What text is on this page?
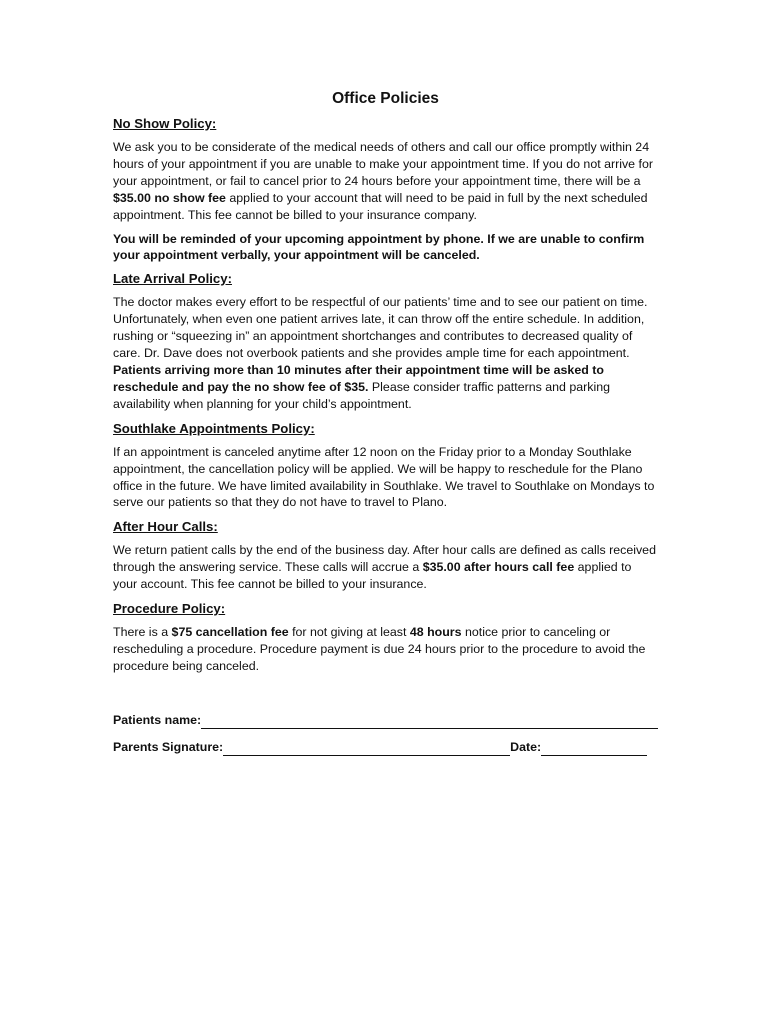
Office Policies
No Show Policy:
We ask you to be considerate of the medical needs of others and call our office promptly within 24 hours of your appointment if you are unable to make your appointment time. If you do not arrive for your appointment, or fail to cancel prior to 24 hours before your appointment time, there will be a $35.00 no show fee applied to your account that will need to be paid in full by the next scheduled appointment. This fee cannot be billed to your insurance company.
You will be reminded of your upcoming appointment by phone. If we are unable to confirm your appointment verbally, your appointment will be canceled.
Late Arrival Policy:
The doctor makes every effort to be respectful of our patients’ time and to see our patient on time. Unfortunately, when even one patient arrives late, it can throw off the entire schedule. In addition, rushing or “squeezing in” an appointment shortchanges and contributes to decreased quality of care. Dr. Dave does not overbook patients and she provides ample time for each appointment. Patients arriving more than 10 minutes after their appointment time will be asked to reschedule and pay the no show fee of $35. Please consider traffic patterns and parking availability when planning for your child’s appointment.
Southlake Appointments Policy:
If an appointment is canceled anytime after 12 noon on the Friday prior to a Monday Southlake appointment, the cancellation policy will be applied. We will be happy to reschedule for the Plano office in the future. We have limited availability in Southlake. We travel to Southlake on Mondays to serve our patients so that they do not have to travel to Plano.
After Hour Calls:
We return patient calls by the end of the business day. After hour calls are defined as calls received through the answering service. These calls will accrue a $35.00 after hours call fee applied to your account. This fee cannot be billed to your insurance.
Procedure Policy:
There is a $75 cancellation fee for not giving at least 48 hours notice prior to canceling or rescheduling a procedure. Procedure payment is due 24 hours prior to the procedure to avoid the procedure being canceled.
Patients name:
Parents Signature:	Date:
